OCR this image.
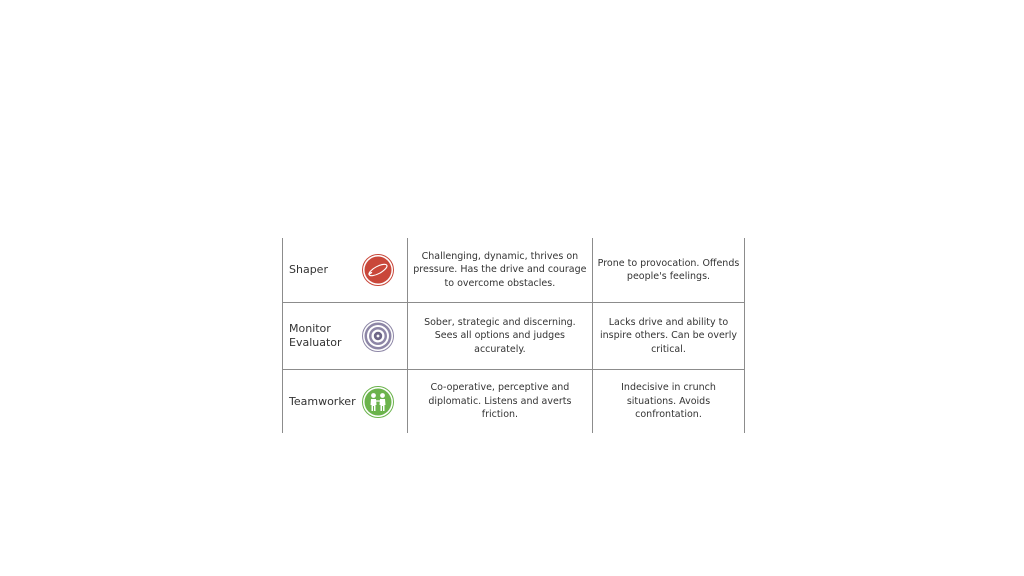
Shaper	Challenging, dynamic, thrives on pressure. Has the drive and courage to overcome obstacles.	Prone to provocation. Offends people's feelings.

Monitor Evaluator	Sober, strategic and discerning. Sees all options and judges accurately.	Lacks drive and ability to inspire others. Can be overly critical.

Teamworker	Co-operative, perceptive and diplomatic. Listens and averts friction.	Indecisive in crunch situations. Avoids confrontation.
